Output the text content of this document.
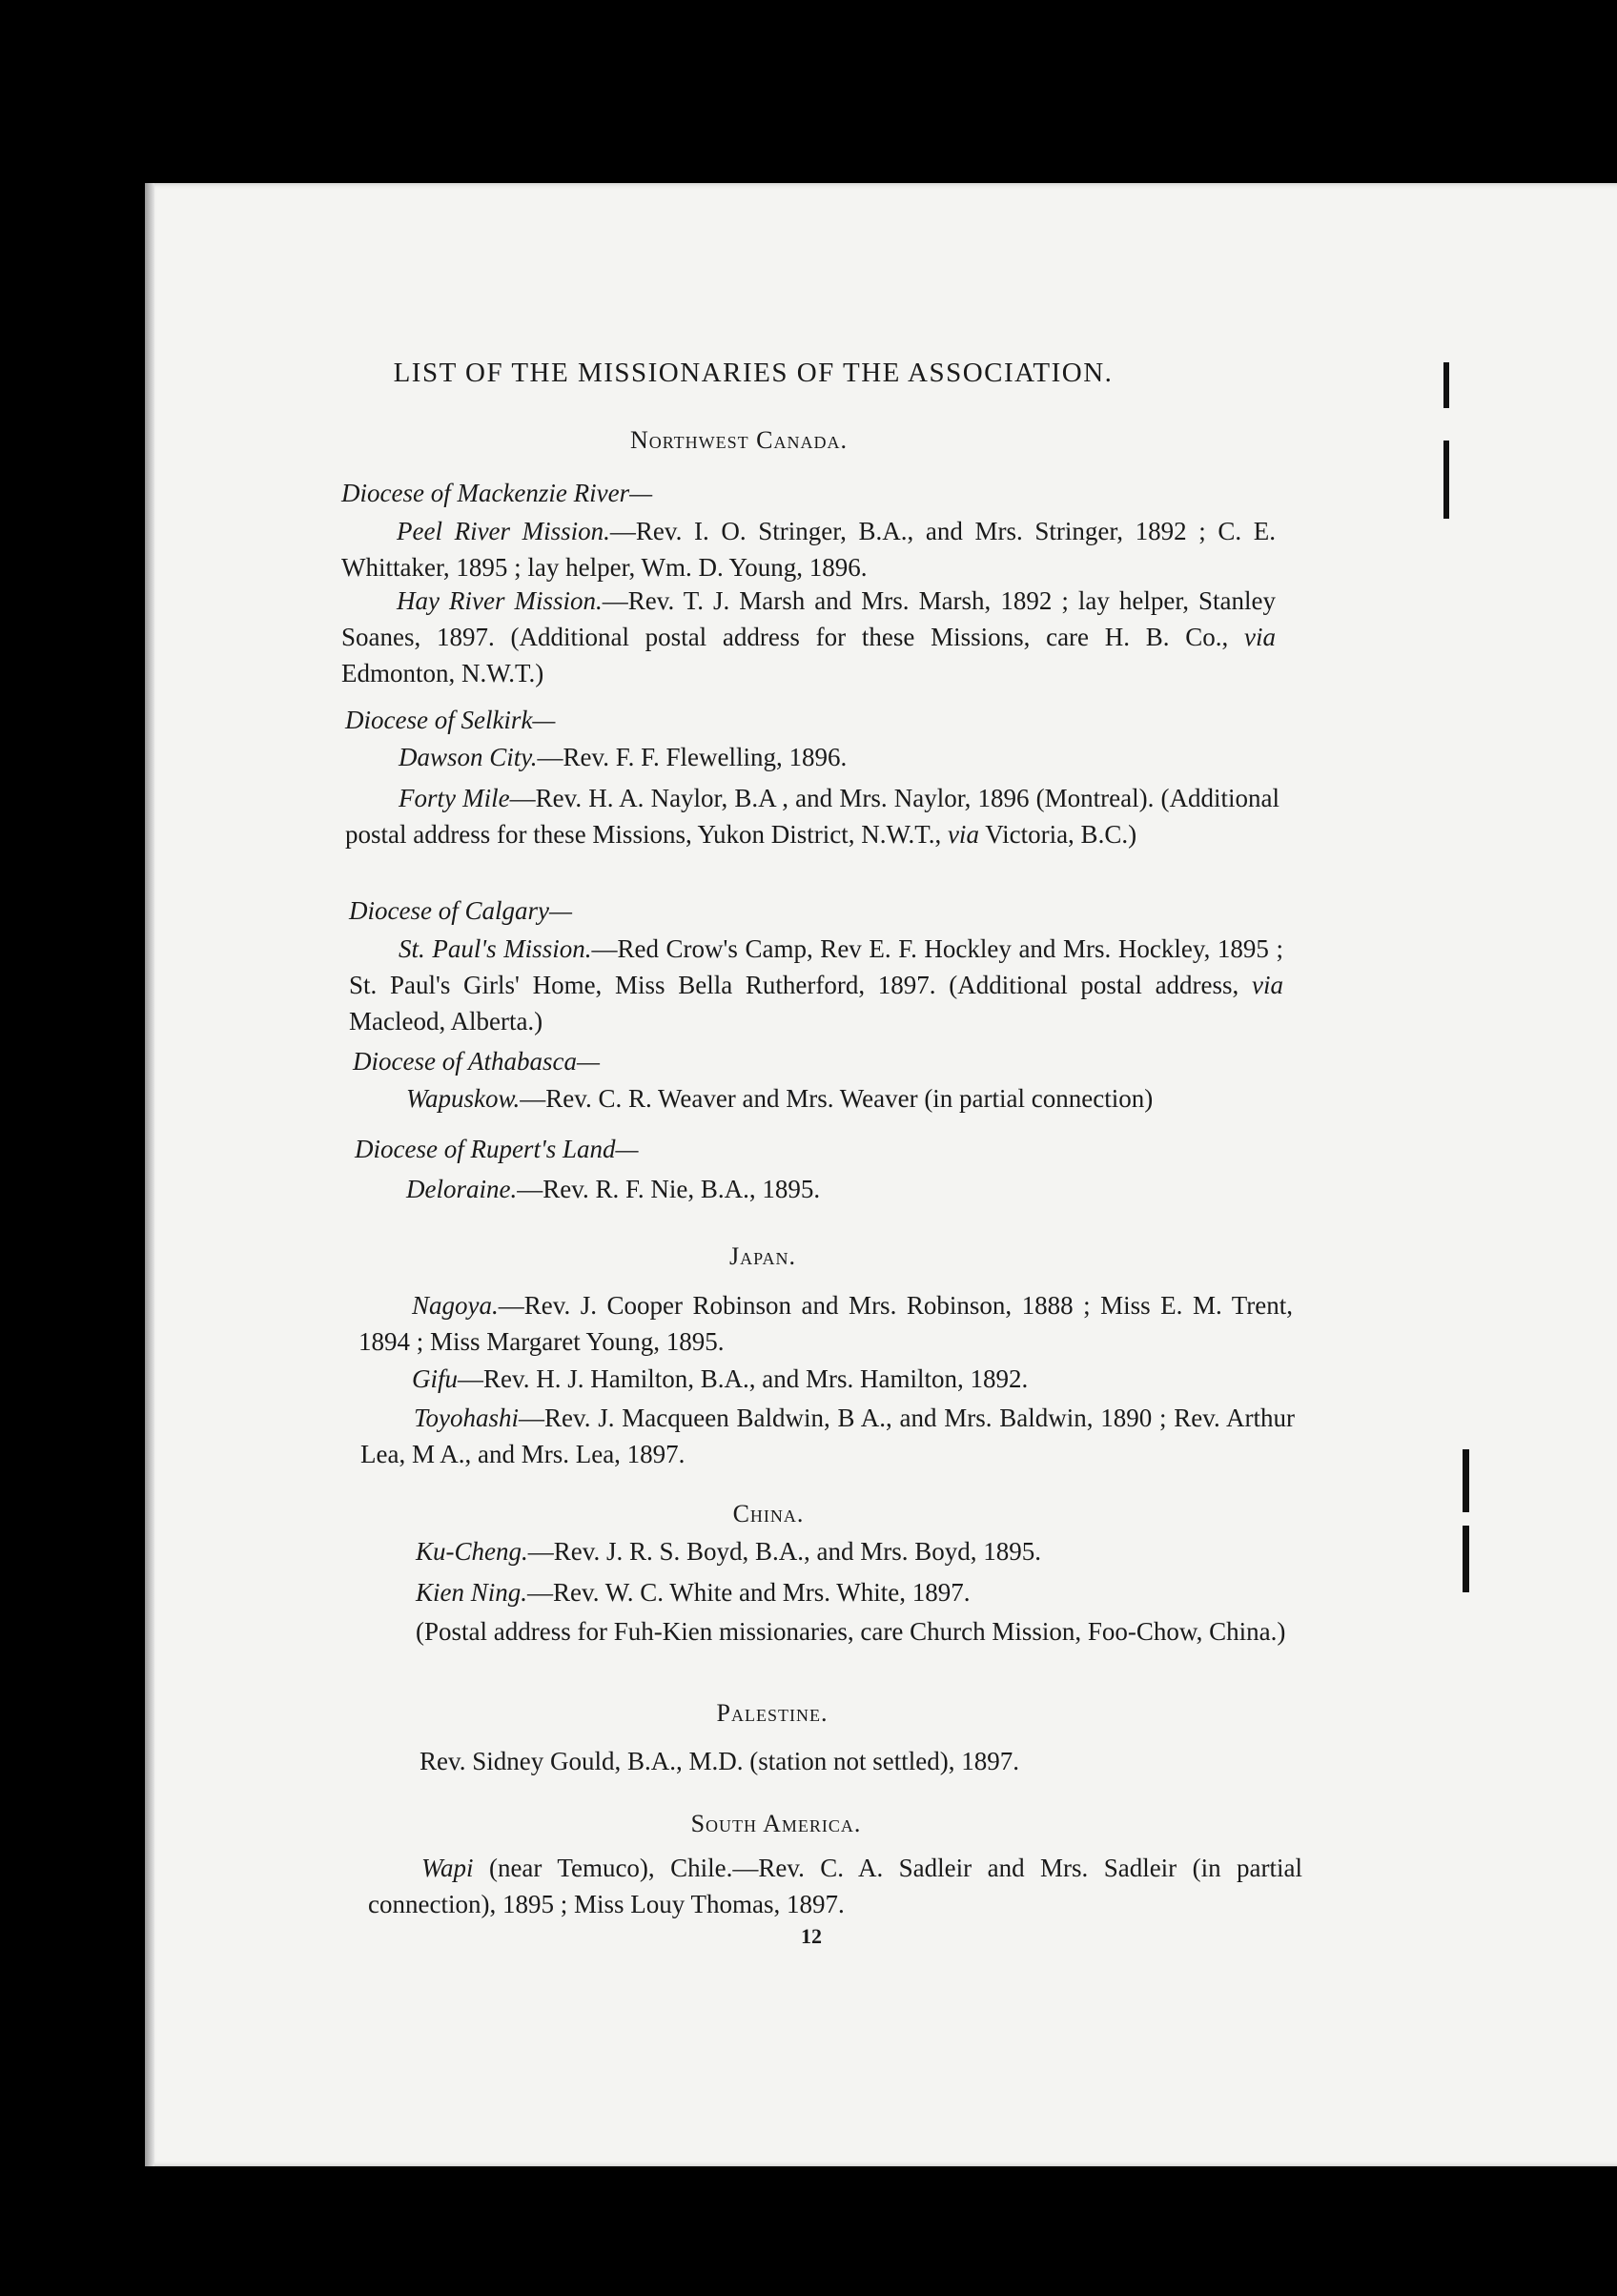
LIST OF THE MISSIONARIES OF THE ASSOCIATION.
Northwest Canada.
Diocese of Mackenzie River—
Peel River Mission.—Rev. I. O. Stringer, B.A., and Mrs. Stringer, 1892 ; C. E. Whittaker, 1895 ; lay helper, Wm. D. Young, 1896.
Hay River Mission.—Rev. T. J. Marsh and Mrs. Marsh, 1892 ; lay helper, Stanley Soanes, 1897. (Additional postal address for these Missions, care H. B. Co., via Edmonton, N.W.T.)
Diocese of Selkirk—
Dawson City.—Rev. F. F. Flewelling, 1896.
Forty Mile—Rev. H. A. Naylor, B.A , and Mrs. Naylor, 1896 (Montreal). (Additional postal address for these Missions, Yukon District, N.W.T., via Victoria, B.C.)
Diocese of Calgary—
St. Paul's Mission.—Red Crow's Camp, Rev E. F. Hockley and Mrs. Hockley, 1895 ; St. Paul's Girls' Home, Miss Bella Rutherford, 1897. (Additional postal address, via Macleod, Alberta.)
Diocese of Athabasca—
Wapuskow.—Rev. C. R. Weaver and Mrs. Weaver (in partial connection)
Diocese of Rupert's Land—
Deloraine.—Rev. R. F. Nie, B.A., 1895.
Japan.
Nagoya.—Rev. J. Cooper Robinson and Mrs. Robinson, 1888 ; Miss E. M. Trent, 1894 ; Miss Margaret Young, 1895.
Gifu—Rev. H. J. Hamilton, B.A., and Mrs. Hamilton, 1892.
Toyohashi—Rev. J. Macqueen Baldwin, B A., and Mrs. Baldwin, 1890 ; Rev. Arthur Lea, M A., and Mrs. Lea, 1897.
China.
Ku-Cheng.—Rev. J. R. S. Boyd, B.A., and Mrs. Boyd, 1895.
Kien Ning.—Rev. W. C. White and Mrs. White, 1897.
(Postal address for Fuh-Kien missionaries, care Church Mission, Foo-Chow, China.)
Palestine.
Rev. Sidney Gould, B.A., M.D. (station not settled), 1897.
South America.
Wapi (near Temuco), Chile.—Rev. C. A. Sadleir and Mrs. Sadleir (in partial connection), 1895 ; Miss Louy Thomas, 1897.
12
